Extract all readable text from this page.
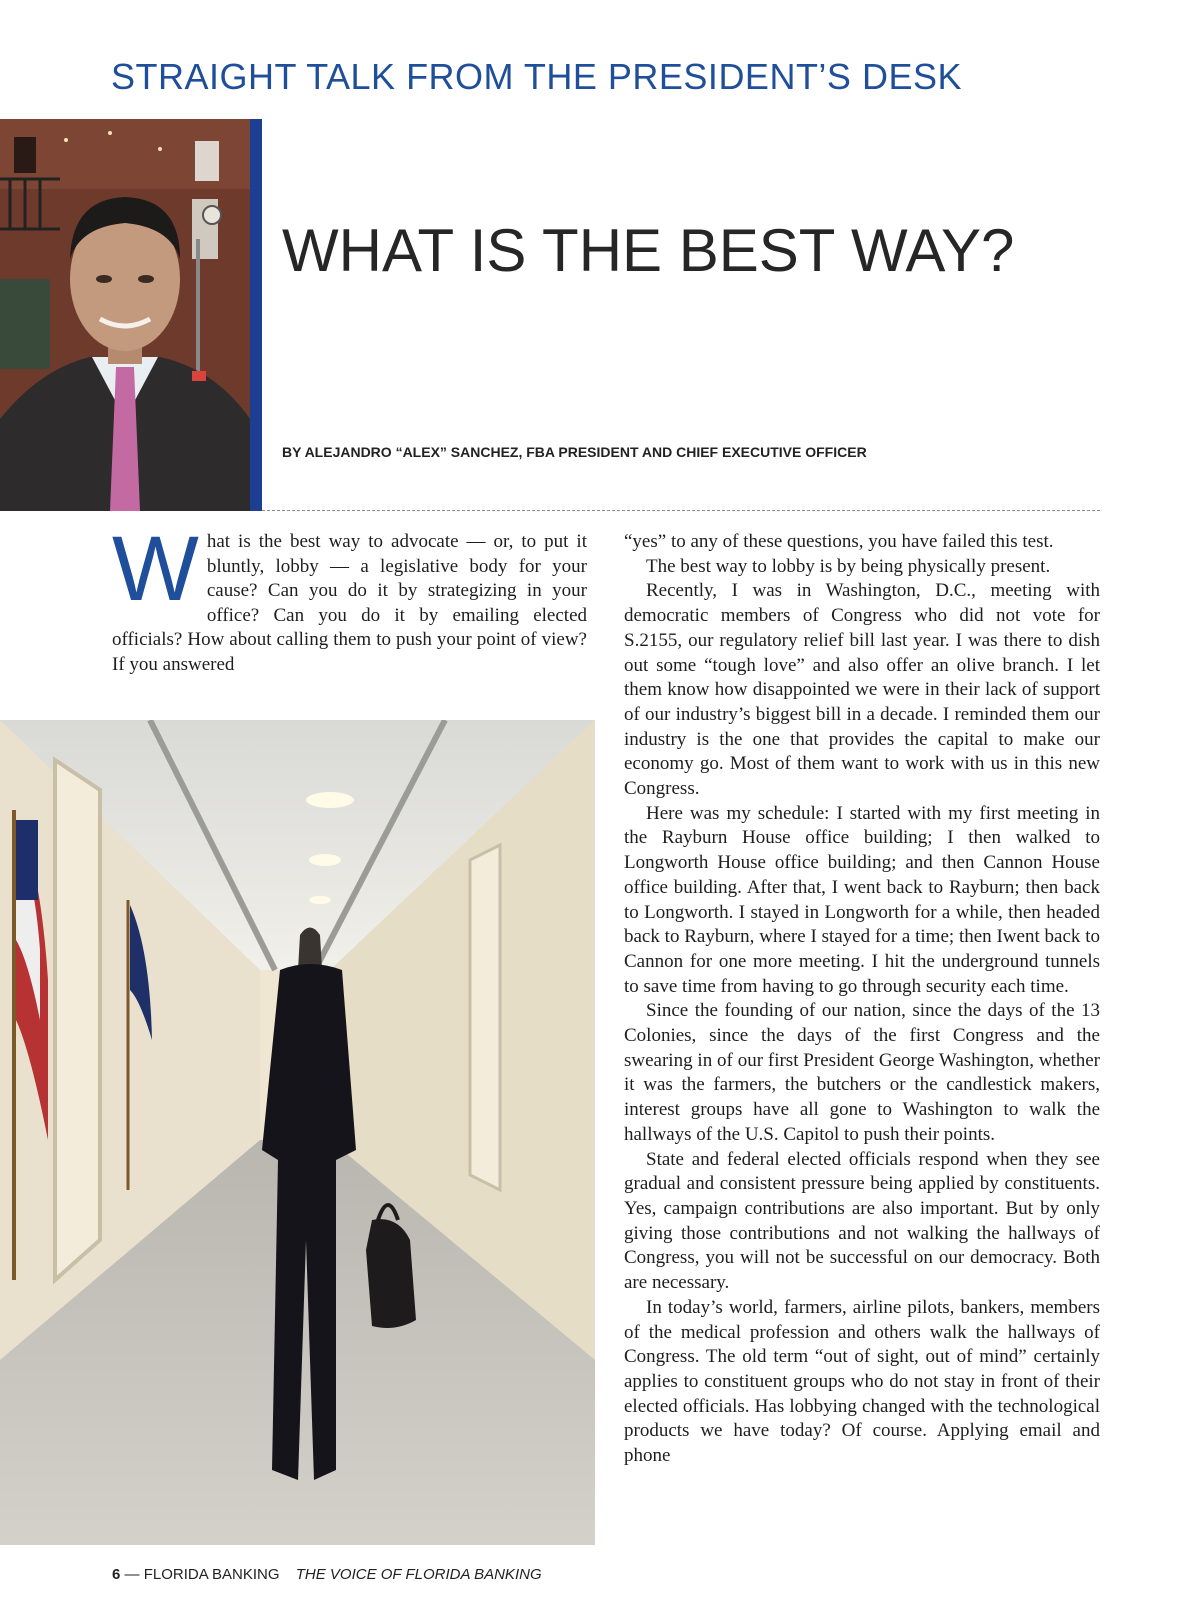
STRAIGHT TALK FROM THE PRESIDENT’S DESK
WHAT IS THE BEST WAY?
BY ALEJANDRO “ALEX” SANCHEZ, FBA PRESIDENT AND CHIEF EXECUTIVE OFFICER

What is the best way to advocate — or, to put it bluntly, lobby — a legislative body for your cause? Can you do it by strategizing in your office? Can you do it by emailing elected officials? How about calling them to push your point of view? If you answered

“yes” to any of these questions, you have failed this test.

The best way to lobby is by being physically present.

Recently, I was in Washington, D.C., meeting with democratic members of Congress who did not vote for S.2155, our regulatory relief bill last year. I was there to dish out some “tough love” and also offer an olive branch. I let them know how disappointed we were in their lack of support of our industry’s biggest bill in a decade. I reminded them our industry is the one that provides the capital to make our economy go. Most of them want to work with us in this new Congress.

Here was my schedule: I started with my first meeting in the Rayburn House office building; I then walked to Longworth House office building; and then Cannon House office building. After that, I went back to Rayburn; then back to Longworth. I stayed in Longworth for a while, then headed back to Rayburn, where I stayed for a time; then Iwent back to Cannon for one more meeting. I hit the underground tunnels to save time from having to go through security each time.

Since the founding of our nation, since the days of the 13 Colonies, since the days of the first Congress and the swearing in of our first President George Washington, whether it was the farmers, the butchers or the candlestick makers, interest groups have all gone to Washington to walk the hallways of the U.S. Capitol to push their points.

State and federal elected officials respond when they see gradual and consistent pressure being applied by constituents. Yes, campaign contributions are also important. But by only giving those contributions and not walking the hallways of Congress, you will not be successful on our democracy. Both are necessary.

In today’s world, farmers, airline pilots, bankers, members of the medical profession and others walk the hallways of Congress. The old term “out of sight, out of mind” certainly applies to constituent groups who do not stay in front of their elected officials. Has lobbying changed with the technological products we have today? Of course. Applying email and phone

6 — FLORIDA BANKING THE VOICE OF FLORIDA BANKING
